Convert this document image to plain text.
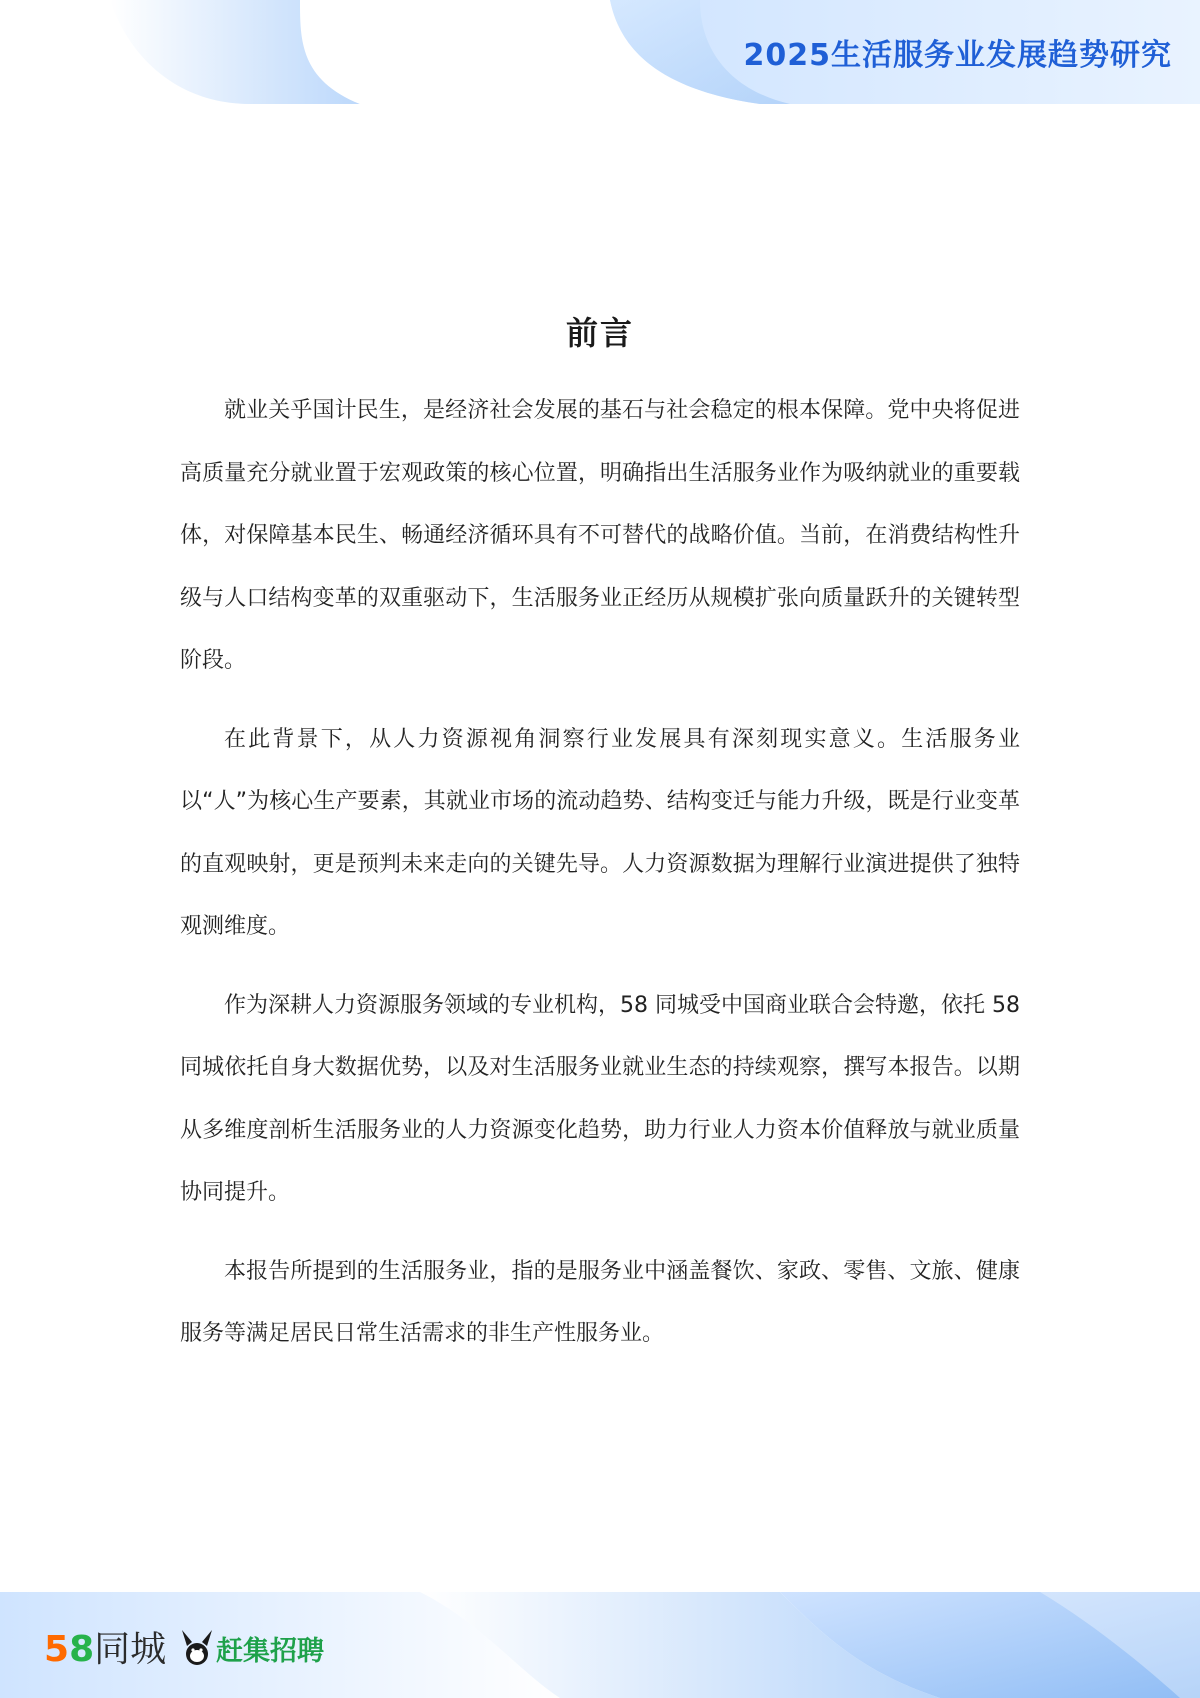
2025生活服务业发展趋势研究
前言

就业关乎国计民生，是经济社会发展的基石与社会稳定的根本保障。党中央将促进高质量充分就业置于宏观政策的核心位置，明确指出生活服务业作为吸纳就业的重要载体，对保障基本民生、畅通经济循环具有不可替代的战略价值。当前，在消费结构性升级与人口结构变革的双重驱动下，生活服务业正经历从规模扩张向质量跃升的关键转型阶段。

在此背景下，从人力资源视角洞察行业发展具有深刻现实意义。生活服务业以“人”为核心生产要素，其就业市场的流动趋势、结构变迁与能力升级，既是行业变革的直观映射，更是预判未来走向的关键先导。人力资源数据为理解行业演进提供了独特观测维度。

作为深耕人力资源服务领域的专业机构，58 同城受中国商业联合会特邀，依托 58 同城依托自身大数据优势，以及对生活服务业就业生态的持续观察，撰写本报告。以期从多维度剖析生活服务业的人力资源变化趋势，助力行业人力资本价值释放与就业质量协同提升。

本报告所提到的生活服务业，指的是服务业中涵盖餐饮、家政、零售、文旅、健康服务等满足居民日常生活需求的非生产性服务业。

58同城 赶集招聘
